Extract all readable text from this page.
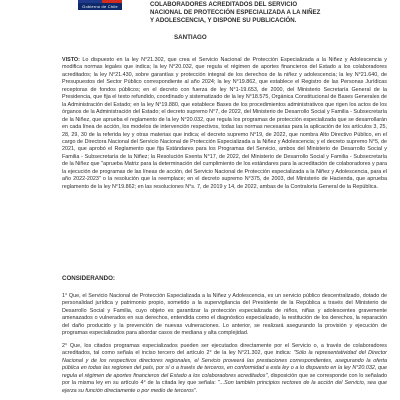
Gobierno de Chile	COLABORADORES ACREDITADOS DEL SERVICIO
NACIONAL DE PROTECCIÓN ESPECIALIZADA A LA NIÑEZ
Y ADOLESCENCIA, Y DISPONE SU PUBLICACIÓN.
SANTIAGO
VISTO: Lo dispuesto en la ley N°21.302, que crea el Servicio Nacional de Protección Especializada a la Niñez y Adolescencia y modifica normas legales que indica; la ley N°20.032, que regula el régimen de aportes financieros del Estado a los colaboradores acreditados; la ley N°21.430, sobre garantías y protección integral de los derechos de la niñez y adolescencia; la ley N°21.640, de Presupuestos del Sector Público correspondiente al año 2024; la ley N°19.862, que establece el Registro de las Personas Jurídicas receptoras de fondos públicos; en el decreto con fuerza de ley N°1-19.653, de 2000, del Ministerio Secretaría General de la Presidencia, que fija el texto refundido, coordinado y sistematizado de la ley N°18.575, Orgánica Constitucional de Bases Generales de la Administración del Estado; en la ley N°19.880, que establece Bases de los procedimientos administrativos que rigen los actos de los órganos de la Administración del Estado; el decreto supremo N°7, de 2022, del Ministerio de Desarrollo Social y Familia - Subsecretaría de la Niñez, que aprueba el reglamento de la ley N°20.032, que regula los programas de protección especializada que se desarrollarán en cada línea de acción, los modelos de intervención respectivos, todas las normas necesarias para la aplicación de los artículos 3, 25, 28, 29, 30 de la referida ley y otras materias que indica; el decreto supremo N°19, de 2022, que nombra Alto Directivo Público, en el cargo de Directora Nacional del Servicio Nacional de Protección Especializada a la Niñez y Adolescencia; y el decreto supremo N°5, de 2021, que aprobó el Reglamento que fija Estándares para los Programas del Servicio, ambos del Ministerio de Desarrollo Social y Familia - Subsecretaría de la Niñez; la Resolución Exenta N°17, de 2022, del Ministerio de Desarrollo Social y Familia - Subsecretaría de la Niñez que "aprueba Matriz para la determinación del cumplimiento de los estándares para la acreditación de colaboradores y para la ejecución de programas de las líneas de acción, del Servicio Nacional de Protección especializada a la Niñez y Adolescencia, para el año 2022-2023" o la resolución que la reemplace; en el decreto supremo N°375, de 2003, del Ministerio de Hacienda, que aprueba reglamento de la ley N°19.862; en las resoluciones N°s. 7, de 2019 y 14, de 2022, ambas de la Contraloría General de la República.
CONSIDERANDO:
1° Que, el Servicio Nacional de Protección Especializada a la Niñez y Adolescencia, es un servicio público descentralizado, dotado de personalidad jurídica y patrimonio propio, sometido a la supervigilancia del Presidente de la República a través del Ministerio de Desarrollo Social y Familia, cuyo objeto es garantizar la protección especializada de niños, niñas y adolescentes gravemente amenazados o vulnerados en sus derechos, entendida como el diagnóstico especializado, la restitución de los derechos, la reparación del daño producido y la prevención de nuevas vulneraciones. Lo anterior, se realizará asegurando la provisión y ejecución de programas especializados para abordar casos de mediana y alta complejidad.
2° Que, los citados programas especializados pueden ser ejecutados directamente por el Servicio o, a través de colaboradores acreditados, tal como señala el inciso tercero del artículo 2° de la ley N°21.302, que indica: "Sólo la representatividad del Director Nacional y de los respectivos directores regionales, el Servicio proveerá las prestaciones correspondientes, asegurando la oferta pública en todas las regiones del país, por sí o a través de terceros, en conformidad a esta ley o a lo dispuesto en la ley N°20.032, que regula el régimen de aportes financieros del Estado a los colaboradores acreditados", disposición que se corresponde con lo señalado por la misma ley en su artículo 4° de la citada ley que señala: "...Son también principios rectores de la acción del Servicio, sea que ejerza su función directamente o por medio de terceros".
